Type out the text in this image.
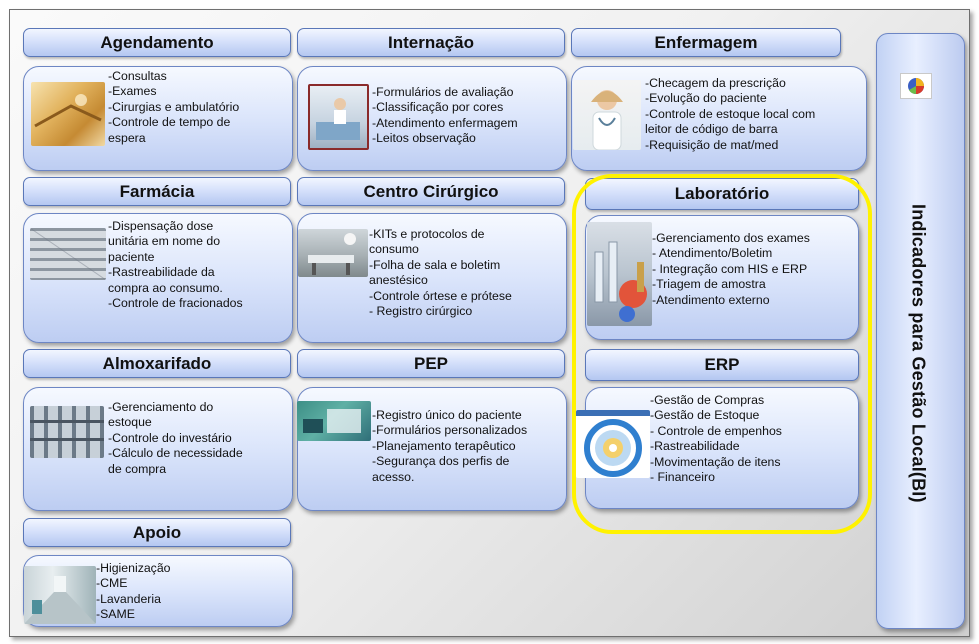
Agendamento
-Consultas
-Exames
-Cirurgias e ambulatório
-Controle de tempo de
espera
Internação
-Formulários de avaliação
-Classificação por cores
-Atendimento enfermagem
-Leitos observação
Enfermagem
-Checagem da prescrição
-Evolução do paciente
-Controle de estoque local com
leitor de código de barra
-Requisição de mat/med
Farmácia
-Dispensação dose
unitária em nome do
paciente
-Rastreabilidade da
compra ao consumo.
-Controle de fracionados
Centro Cirúrgico
-KITs e protocolos de
consumo
-Folha de sala e boletim
anestésico
-Controle órtese e prótese
- Registro cirúrgico
Laboratório
-Gerenciamento dos exames
- Atendimento/Boletim
- Integração com HIS e ERP
-Triagem de amostra
-Atendimento externo
Almoxarifado
-Gerenciamento do
estoque
-Controle do investário
-Cálculo de necessidade
de compra
PEP
-Registro único do paciente
-Formulários personalizados
-Planejamento terapêutico
-Segurança dos perfis de
acesso.
ERP
-Gestão de Compras
-Gestão de Estoque
- Controle de empenhos
-Rastreabilidade
-Movimentação de itens
- Financeiro
Apoio
-Higienização
-CME
-Lavanderia
-SAME
Indicadores para Gestão Local(BI)
